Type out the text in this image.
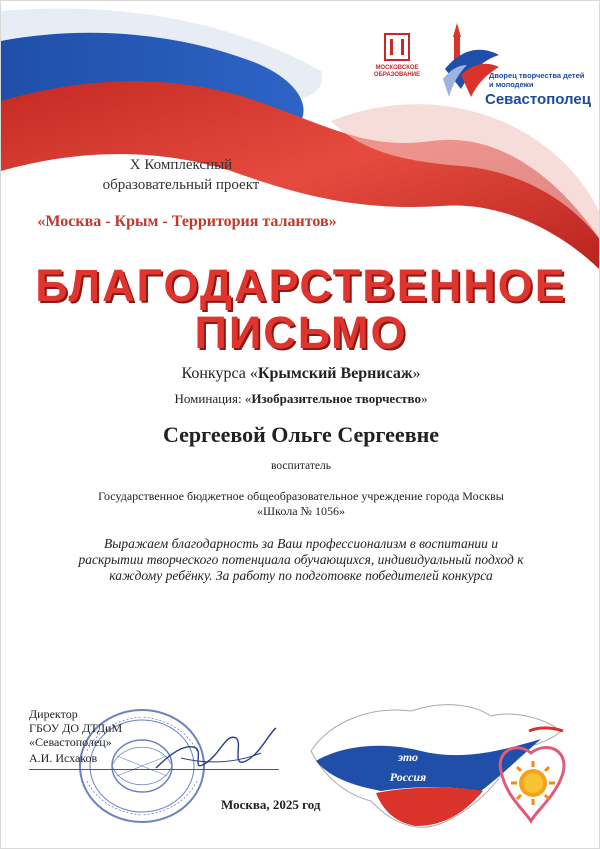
МОСКОВСКОЕ ОБРАЗОВАНИЕ	Дворец творчества детей и молодежи
Севастополец
X Комплексный
образовательный проект
«Москва - Крым - Территория талантов»
БЛАГОДАРСТВЕННОЕ
ПИСЬМО
Конкурса «Крымский Вернисаж»
Номинация: «Изобразительное творчество»
Сергеевой Ольге Сергеевне
воспитатель
Государственное бюджетное общеобразовательное учреждение города Москвы
«Школа № 1056»
Выражаем благодарность за Ваш профессионализм в воспитании и раскрытии творческого потенциала обучающихся, индивидуальный подход к каждому ребёнку. За работу по подготовке победителей конкурса
Директор
ГБОУ ДО ДТДиМ
«Севастополец»
А.И. Исхаков
Москва, 2025 год
Крым -
это
Россия
